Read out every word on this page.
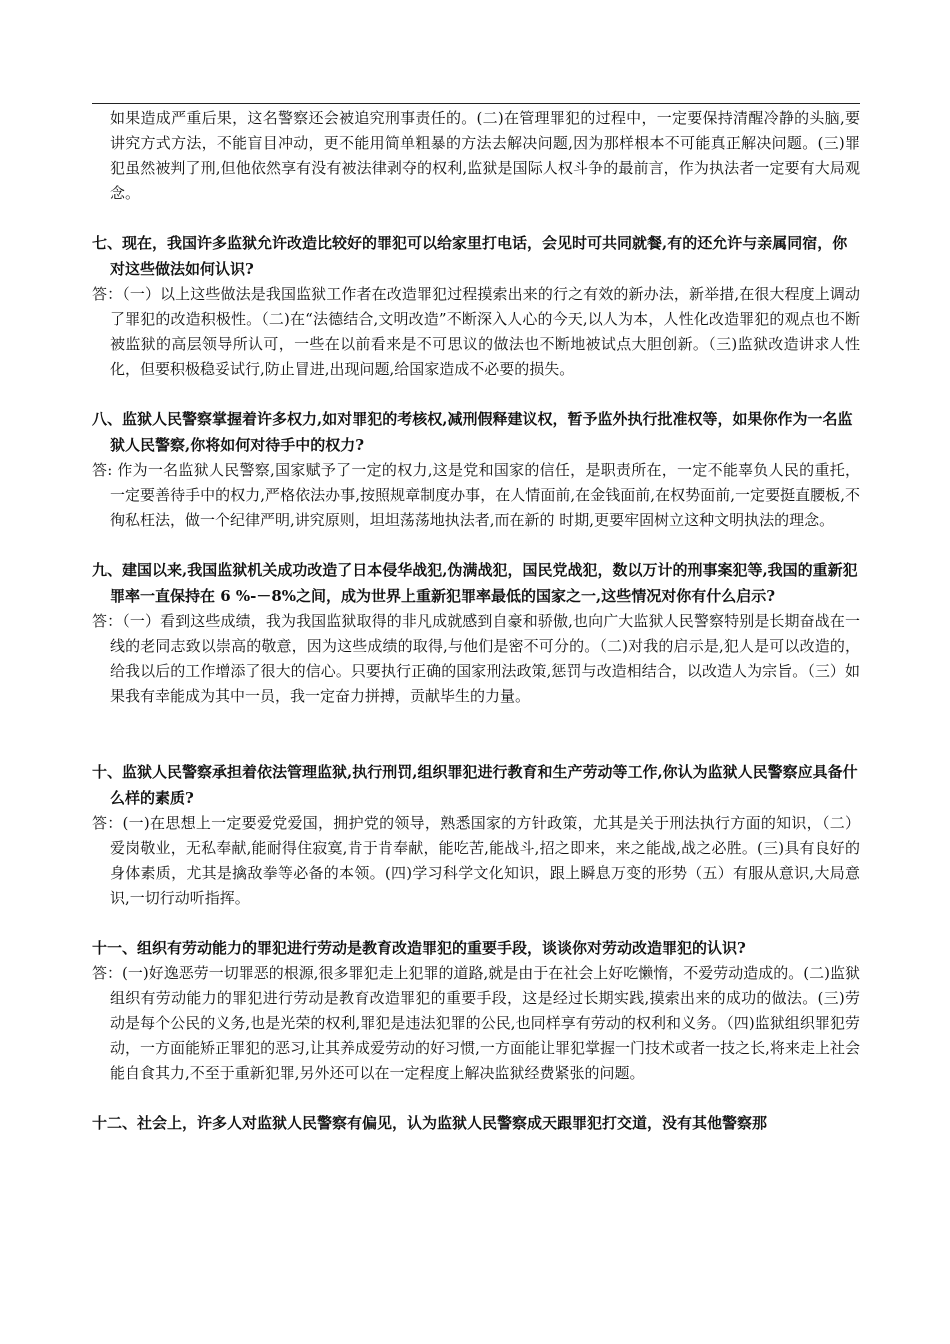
如果造成严重后果，这名警察还会被追究刑事责任的。(二)在管理罪犯的过程中，一定要保持清醒冷静的头脑,要讲究方式方法，不能盲目冲动，更不能用简单粗暴的方法去解决问题,因为那样根本不可能真正解决问题。(三)罪犯虽然被判了刑,但他依然享有没有被法律剥夺的权利,监狱是国际人权斗争的最前言，作为执法者一定要有大局观念。

七、现在，我国许多监狱允许改造比较好的罪犯可以给家里打电话，会见时可共同就餐,有的还允许与亲属同宿，你对这些做法如何认识?

答：（一）以上这些做法是我国监狱工作者在改造罪犯过程摸索出来的行之有效的新办法，新举措,在很大程度上调动了罪犯的改造积极性。（二)在“法德结合,文明改造”不断深入人心的今天,以人为本，人性化改造罪犯的观点也不断被监狱的高层领导所认可，一些在以前看来是不可思议的做法也不断地被试点大胆创新。（三)监狱改造讲求人性化，但要积极稳妥试行,防止冒进,出现问题,给国家造成不必要的损失。

八、监狱人民警察掌握着许多权力,如对罪犯的考核权,减刑假释建议权，暂予监外执行批准权等，如果你作为一名监狱人民警察,你将如何对待手中的权力?

答: 作为一名监狱人民警察,国家赋予了一定的权力,这是党和国家的信任，是职责所在，一定不能辜负人民的重托，一定要善待手中的权力,严格依法办事,按照规章制度办事，在人情面前,在金钱面前,在权势面前,一定要挺直腰板,不徇私枉法，做一个纪律严明,讲究原则，坦坦荡荡地执法者,而在新的 时期,更要牢固树立这种文明执法的理念。

九、建国以来,我国监狱机关成功改造了日本侵华战犯,伪满战犯，国民党战犯，数以万计的刑事案犯等,我国的重新犯罪率一直保持在 6 %-－8%之间，成为世界上重新犯罪率最低的国家之一,这些情况对你有什么启示?

答：（一）看到这些成绩，我为我国监狱取得的非凡成就感到自豪和骄傲,也向广大监狱人民警察特别是长期奋战在一线的老同志致以崇高的敬意，因为这些成绩的取得,与他们是密不可分的。（二)对我的启示是,犯人是可以改造的，给我以后的工作增添了很大的信心。只要执行正确的国家刑法政策,惩罚与改造相结合，以改造人为宗旨。（三）如果我有幸能成为其中一员，我一定奋力拼搏，贡献毕生的力量。

十、监狱人民警察承担着依法管理监狱,执行刑罚,组织罪犯进行教育和生产劳动等工作,你认为监狱人民警察应具备什么样的素质?

答：(一)在思想上一定要爱党爱国，拥护党的领导，熟悉国家的方针政策，尤其是关于刑法执行方面的知识，（二）爱岗敬业，无私奉献,能耐得住寂寞,肯于肯奉献，能吃苦,能战斗,招之即来，来之能战,战之必胜。(三)具有良好的身体素质，尤其是擒敌拳等必备的本领。(四)学习科学文化知识，跟上瞬息万变的形势（五）有服从意识,大局意识,一切行动听指挥。

十一、组织有劳动能力的罪犯进行劳动是教育改造罪犯的重要手段，谈谈你对劳动改造罪犯的认识?

答：(一)好逸恶劳一切罪恶的根源,很多罪犯走上犯罪的道路,就是由于在社会上好吃懒惰，不爱劳动造成的。(二)监狱组织有劳动能力的罪犯进行劳动是教育改造罪犯的重要手段，这是经过长期实践,摸索出来的成功的做法。(三)劳动是每个公民的义务,也是光荣的权利,罪犯是违法犯罪的公民,也同样享有劳动的权利和义务。（四)监狱组织罪犯劳动，一方面能矫正罪犯的恶习,让其养成爱劳动的好习惯,一方面能让罪犯掌握一门技术或者一技之长,将来走上社会能自食其力,不至于重新犯罪,另外还可以在一定程度上解决监狱经费紧张的问题。

十二、社会上，许多人对监狱人民警察有偏见，认为监狱人民警察成天跟罪犯打交道，没有其他警察那
